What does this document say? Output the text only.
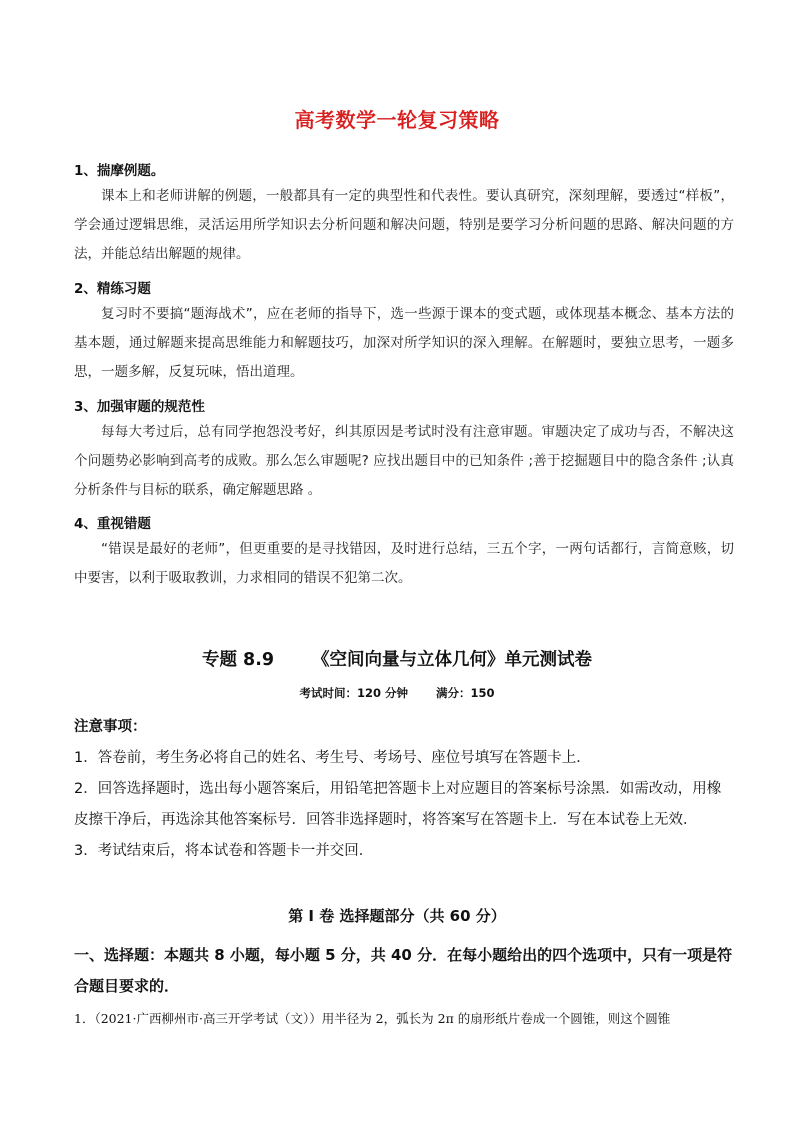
高考数学一轮复习策略
1、揣摩例题。
课本上和老师讲解的例题，一般都具有一定的典型性和代表性。要认真研究，深刻理解，要透过“样板”，学会通过逻辑思维，灵活运用所学知识去分析问题和解决问题，特别是要学习分析问题的思路、解决问题的方法，并能总结出解题的规律。
2、精练习题
复习时不要搞“题海战术”，应在老师的指导下，选一些源于课本的变式题，或体现基本概念、基本方法的基本题，通过解题来提高思维能力和解题技巧，加深对所学知识的深入理解。在解题时，要独立思考，一题多思，一题多解，反复玩味，悟出道理。
3、加强审题的规范性
每每大考过后，总有同学抱怨没考好，纠其原因是考试时没有注意审题。审题决定了成功与否，不解决这个问题势必影响到高考的成败。那么怎么审题呢? 应找出题目中的已知条件 ;善于挖掘题目中的隐含条件 ;认真分析条件与目标的联系，确定解题思路 。
4、重视错题
“错误是最好的老师”，但更重要的是寻找错因，及时进行总结，三五个字，一两句话都行，言简意赅，切中要害，以利于吸取教训，力求相同的错误不犯第二次。
专题 8.9 《空间向量与立体几何》单元测试卷
考试时间：120 分钟 满分：150
注意事项：

1．答卷前，考生务必将自己的姓名、考生号、考场号、座位号填写在答题卡上．

2．回答选择题时，选出每小题答案后，用铅笔把答题卡上对应题目的答案标号涂黑．如需改动，用橡皮擦干净后，再选涂其他答案标号．回答非选择题时，将答案写在答题卡上．写在本试卷上无效．

3．考试结束后，将本试卷和答题卡一并交回．

第 I 卷 选择题部分（共 60 分）
一、选择题：本题共 8 小题，每小题 5 分，共 40 分．在每小题给出的四个选项中，只有一项是符合题目要求的．
1．（2021·广西柳州市·高三开学考试（文））用半径为 2，弧长为 2π 的扇形纸片卷成一个圆锥，则这个圆锥
